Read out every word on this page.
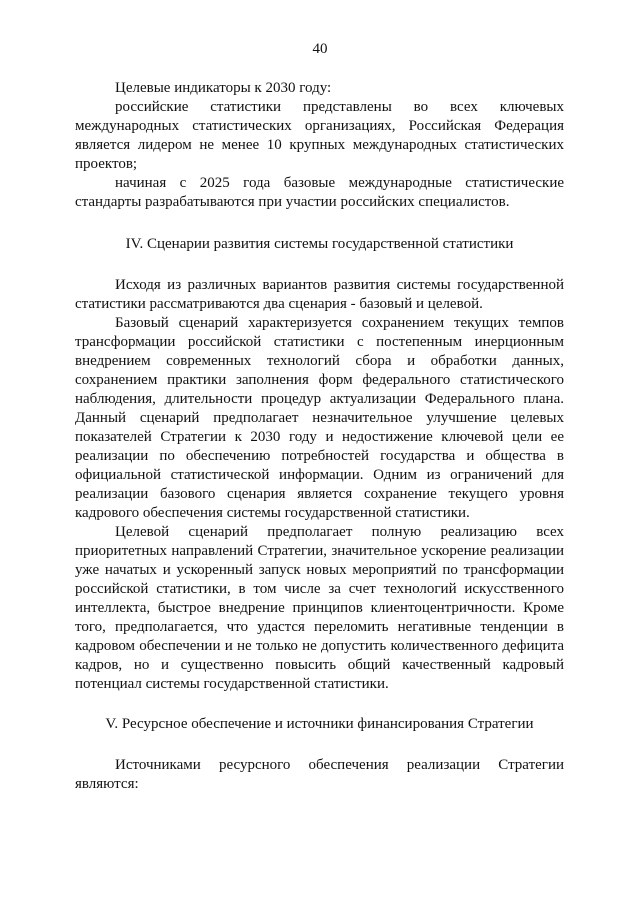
40

Целевые индикаторы к 2030 году:

российские статистики представлены во всех ключевых международных статистических организациях, Российская Федерация является лидером не менее 10 крупных международных статистических проектов;

начиная с 2025 года базовые международные статистические стандарты разрабатываются при участии российских специалистов.

IV. Сценарии развития системы государственной статистики

Исходя из различных вариантов развития системы государственной статистики рассматриваются два сценария - базовый и целевой.

Базовый сценарий характеризуется сохранением текущих темпов трансформации российской статистики с постепенным инерционным внедрением современных технологий сбора и обработки данных, сохранением практики заполнения форм федерального статистического наблюдения, длительности процедур актуализации Федерального плана. Данный сценарий предполагает незначительное улучшение целевых показателей Стратегии к 2030 году и недостижение ключевой цели ее реализации по обеспечению потребностей государства и общества в официальной статистической информации. Одним из ограничений для реализации базового сценария является сохранение текущего уровня кадрового обеспечения системы государственной статистики.

Целевой сценарий предполагает полную реализацию всех приоритетных направлений Стратегии, значительное ускорение реализации уже начатых и ускоренный запуск новых мероприятий по трансформации российской статистики, в том числе за счет технологий искусственного интеллекта, быстрое внедрение принципов клиентоцентричности. Кроме того, предполагается, что удастся переломить негативные тенденции в кадровом обеспечении и не только не допустить количественного дефицита кадров, но и существенно повысить общий качественный кадровый потенциал системы государственной статистики.

V. Ресурсное обеспечение и источники финансирования Стратегии

Источниками ресурсного обеспечения реализации Стратегии являются:
